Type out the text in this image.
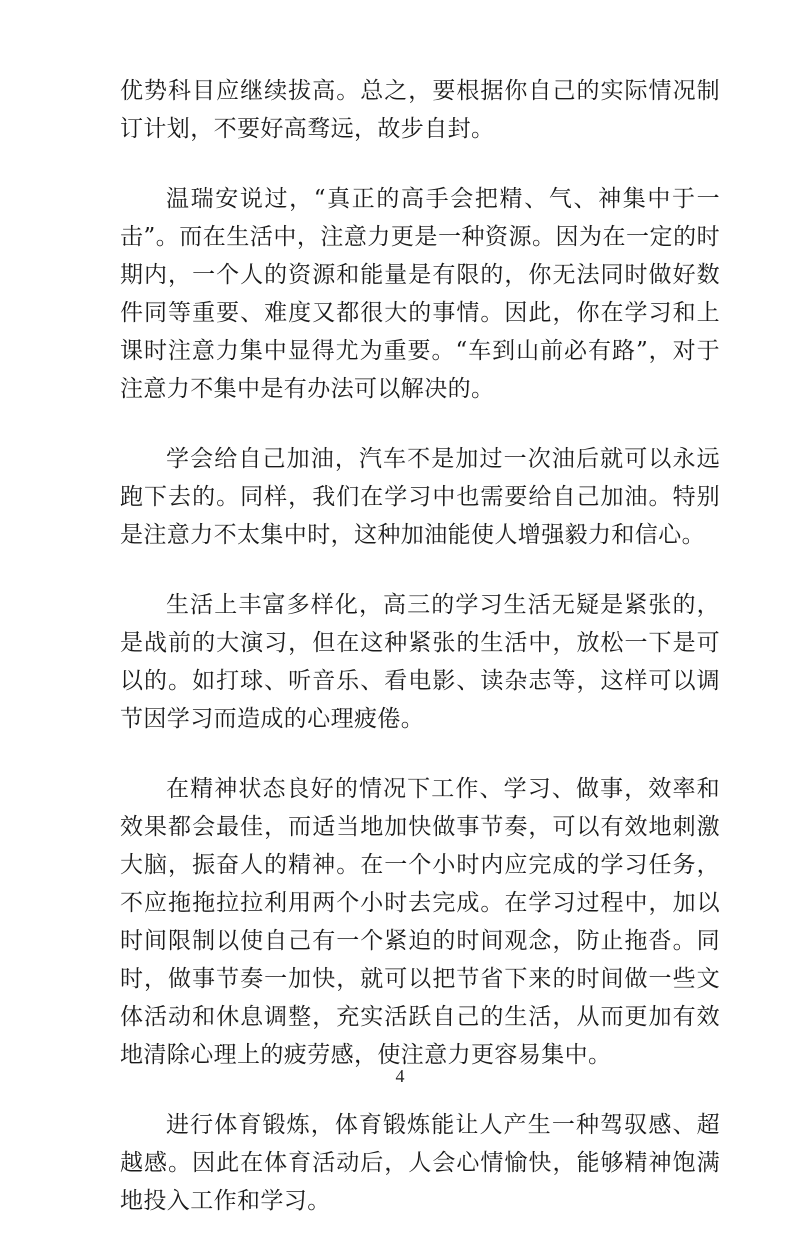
优势科目应继续拔高。总之，要根据你自己的实际情况制订计划，不要好高骛远，故步自封。

温瑞安说过，“真正的高手会把精、气、神集中于一击”。而在生活中，注意力更是一种资源。因为在一定的时期内，一个人的资源和能量是有限的，你无法同时做好数件同等重要、难度又都很大的事情。因此，你在学习和上课时注意力集中显得尤为重要。“车到山前必有路”，对于注意力不集中是有办法可以解决的。

学会给自己加油，汽车不是加过一次油后就可以永远跑下去的。同样，我们在学习中也需要给自己加油。特别是注意力不太集中时，这种加油能使人增强毅力和信心。

生活上丰富多样化，高三的学习生活无疑是紧张的，是战前的大演习，但在这种紧张的生活中，放松一下是可以的。如打球、听音乐、看电影、读杂志等，这样可以调节因学习而造成的心理疲倦。

在精神状态良好的情况下工作、学习、做事，效率和效果都会最佳，而适当地加快做事节奏，可以有效地刺激大脑，振奋人的精神。在一个小时内应完成的学习任务，不应拖拖拉拉利用两个小时去完成。在学习过程中，加以时间限制以使自己有一个紧迫的时间观念，防止拖沓。同时，做事节奏一加快，就可以把节省下来的时间做一些文体活动和休息调整，充实活跃自己的生活，从而更加有效地清除心理上的疲劳感，使注意力更容易集中。

进行体育锻炼，体育锻炼能让人产生一种驾驭感、超越感。因此在体育活动后，人会心情愉快，能够精神饱满地投入工作和学习。

4
